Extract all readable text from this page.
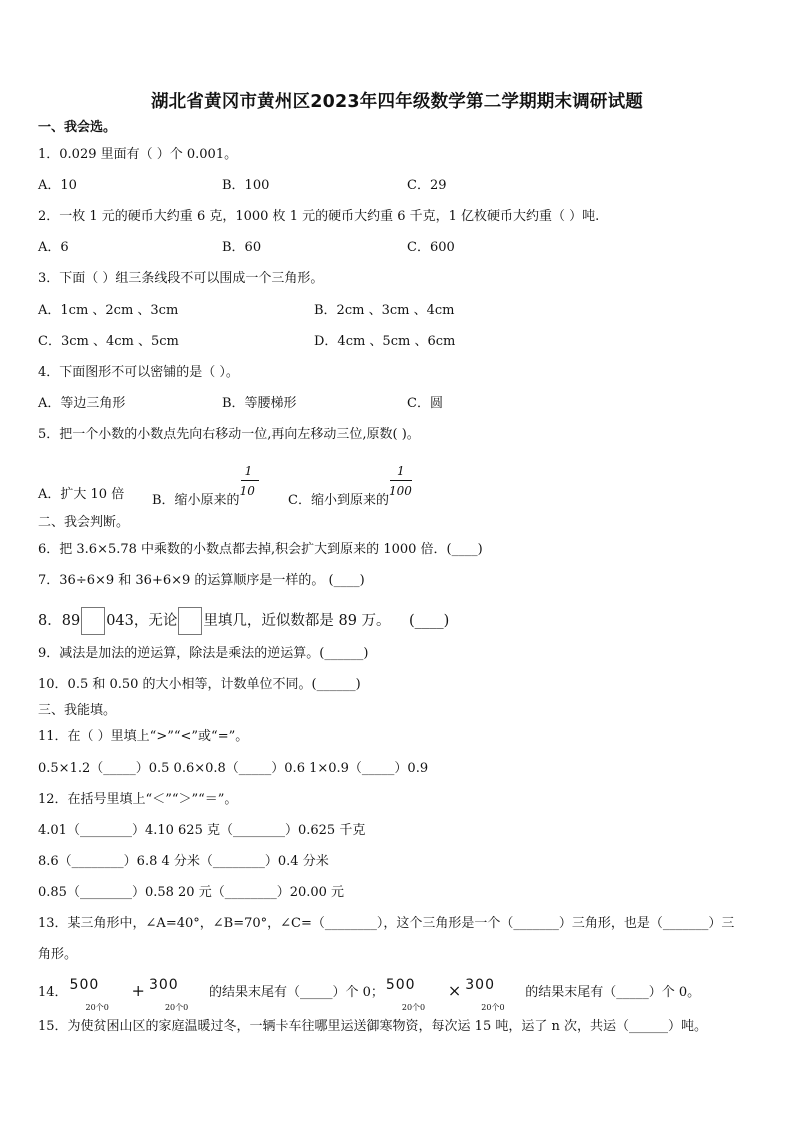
湖北省黄冈市黄州区2023年四年级数学第二学期期末调研试题
一、我会选。
1．0.029 里面有（ ）个 0.001。
A．10	B．100	C．29
2．一枚 1 元的硬币大约重 6 克，1000 枚 1 元的硬币大约重 6 千克，1 亿枚硬币大约重（ ）吨.
A．6	B．60	C．600
3．下面（ ）组三条线段不可以围成一个三角形。
A．1cm 、2cm 、3cm	B．2cm 、3cm 、4cm
C．3cm 、4cm 、5cm	D．4cm 、5cm 、6cm
4．下面图形不可以密铺的是（ ）。
A．等边三角形	B．等腰梯形	C．圆
5．把一个小数的小数点先向右移动一位,再向左移动三位,原数( )。
A．扩大 10 倍 B．缩小原来的 $\frac{1}{10}$ C．缩小到原来的 $\frac{1}{100}$
二、我会判断。
6．把 3.6×5.78 中乘数的小数点都去掉,积会扩大到原来的 1000 倍．(____)
7．36÷6×9 和 36+6×9 的运算顺序是一样的。 (____)
8．89 043，无论 里填几，近似数都是 89 万。 (____)
9．减法是加法的逆运算，除法是乘法的逆运算。(______)
10．0.5 和 0.50 的大小相等，计数单位不同。(______)
三、我能填。
11．在（ ）里填上“>”“<”或“=”。
0.5×1.2（_____）0.5 0.6×0.8（_____）0.6 1×0.9（_____）0.9
12．在括号里填上“＜”“＞”“＝”。
4.01（________）4.10 625 克（________）0.625 千克
8.6（________）6.8 4 分米（________）0.4 分米
0.85（________）0.58 20 元（________）20.00 元
13．某三角形中，∠A=40°，∠B=70°，∠C=（________），这个三角形是一个（_______）三角形，也是（_______）三
角形。
14． 500
20个0
+ 300
20个0
的结果末尾有（_____）个 0； 500
20个0
× 300
20个0
的结果末尾有（_____）个 0。
15．为使贫困山区的家庭温暖过冬，一辆卡车往哪里运送御寒物资，每次运 15 吨，运了 n 次，共运（______）吨。
